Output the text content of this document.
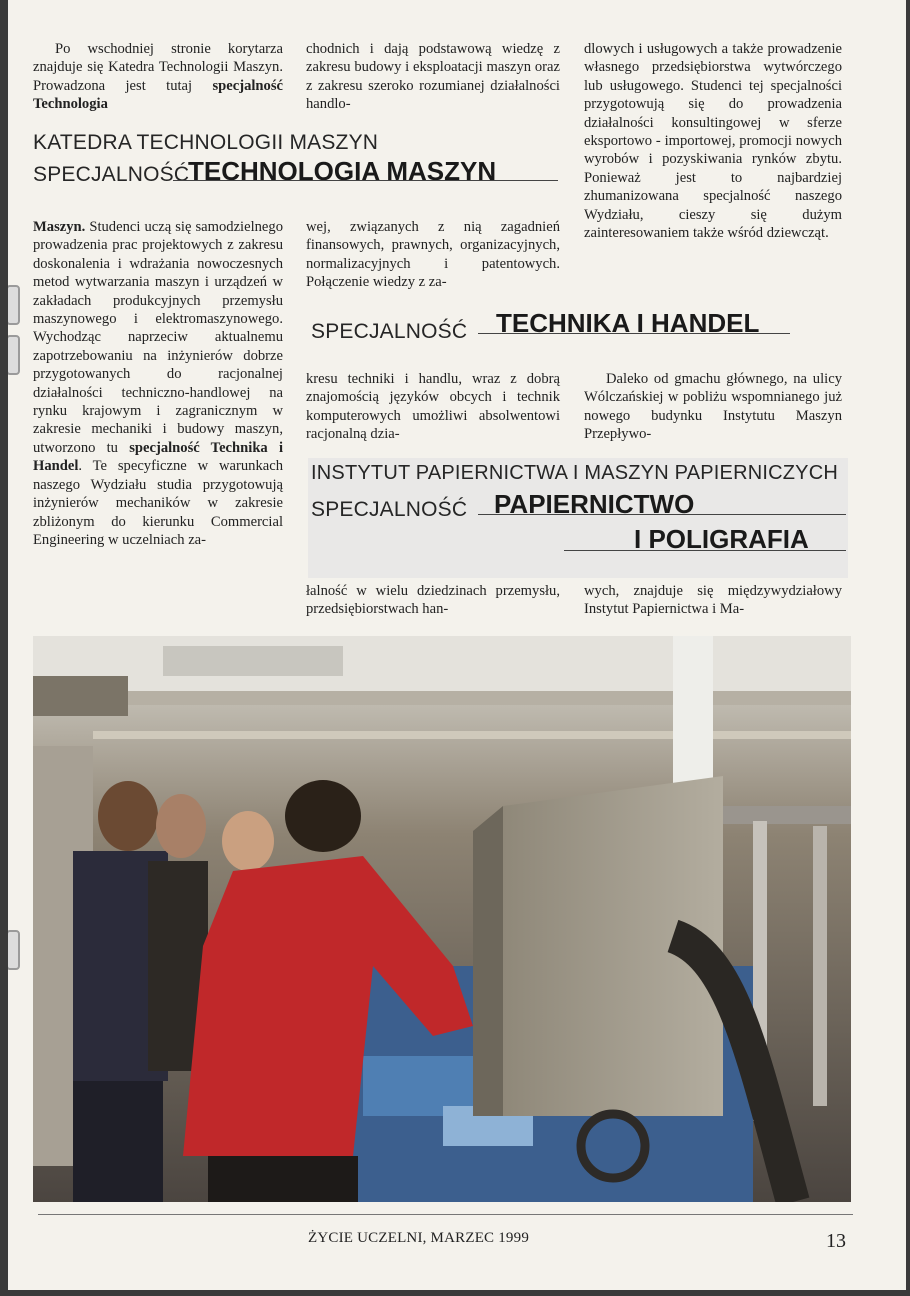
Po wschodniej stronie korytarza znajduje się Katedra Technologii Maszyn. Prowadzona jest tutaj specjalność Technologia

chodnich i dają podstawową wiedzę z zakresu budowy i eksploatacji maszyn oraz z zakresu szeroko rozumianej działalności handlo-

dlowych i usługowych a także prowadzenie własnego przedsiębiorstwa wytwórczego lub usługowego. Studenci tej specjalności przygotowują się do prowadzenia działalności konsultingowej w sferze eksportowo - importowej, promocji nowych wyrobów i pozyskiwania rynków zbytu. Ponieważ jest to najbardziej zhumanizowana specjalność naszego Wydziału, cieszy się dużym zainteresowaniem także wśród dziewcząt.

KATEDRA TECHNOLOGII MASZYN
SPECJALNOŚĆ
TECHNOLOGIA MASZYN

Maszyn. Studenci uczą się samodzielnego prowadzenia prac projektowych z zakresu doskonalenia i wdrażania nowoczesnych metod wytwarzania maszyn i urządzeń w zakładach produkcyjnych przemysłu maszynowego i elektromaszynowego. Wychodząc naprzeciw aktualnemu zapotrzebowaniu na inżynierów dobrze przygotowanych do racjonalnej działalności techniczno-handlowej na rynku krajowym i zagranicznym w zakresie mechaniki i budowy maszyn, utworzono tu specjalność Technika i Handel. Te specyficzne w warunkach naszego Wydziału studia przygotowują inżynierów mechaników w zakresie zbliżonym do kierunku Commercial Engineering w uczelniach za-

wej, związanych z nią zagadnień finansowych, prawnych, organizacyjnych, normalizacyjnych i patentowych. Połączenie wiedzy z za-

SPECJALNOŚĆ TECHNIKA I HANDEL

kresu techniki i handlu, wraz z dobrą znajomością języków obcych i technik komputerowych umożliwi absolwentowi racjonalną dzia-

Daleko od gmachu głównego, na ulicy Wólczańskiej w pobliżu wspomnianego już nowego budynku Instytutu Maszyn Przepływo-

INSTYTUT PAPIERNICTWA I MASZYN PAPIERNICZYCH
SPECJALNOŚĆ PAPIERNICTWO
I POLIGRAFIA

łalność w wielu dziedzinach przemysłu, przedsiębiorstwach han-

wych, znajduje się międzywydziałowy Instytut Papiernictwa i Ma-

ŻYCIE UCZELNI, MARZEC 1999	13
